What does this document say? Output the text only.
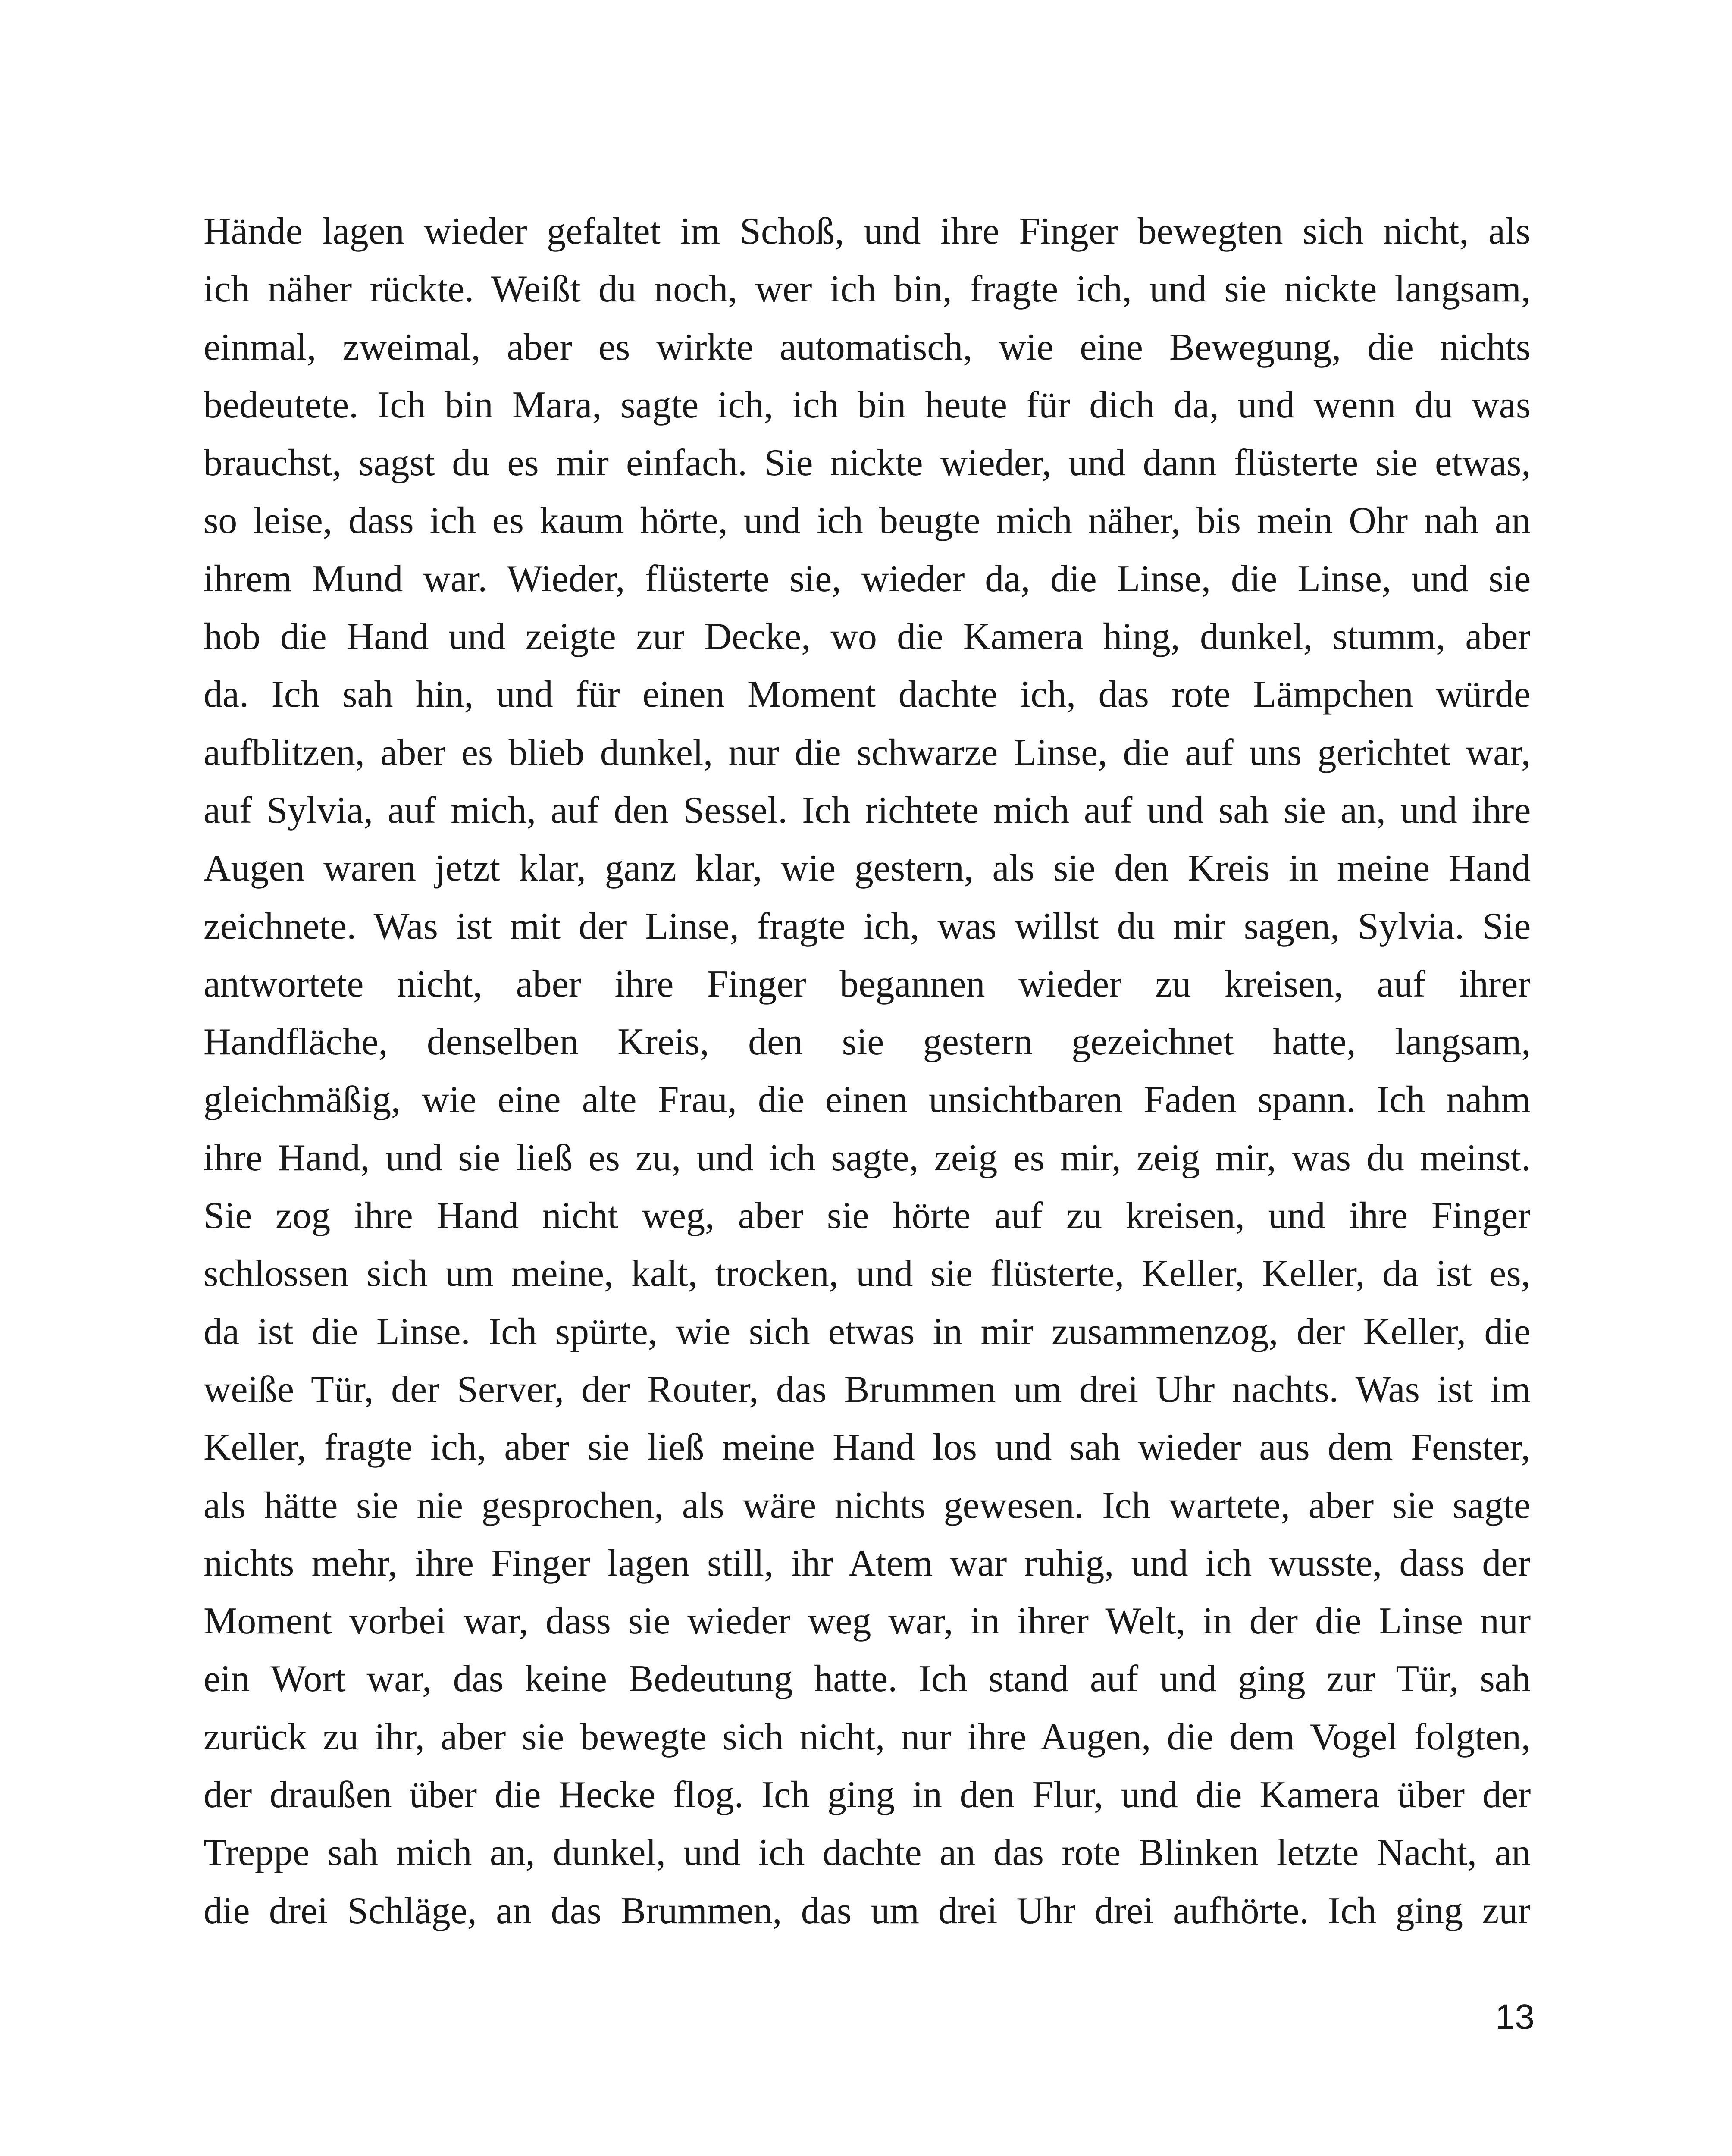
Hände lagen wieder gefaltet im Schoß, und ihre Finger bewegten sich nicht, als
ich näher rückte. Weißt du noch, wer ich bin, fragte ich, und sie nickte langsam,
einmal, zweimal, aber es wirkte automatisch, wie eine Bewegung, die nichts
bedeutete. Ich bin Mara, sagte ich, ich bin heute für dich da, und wenn du was
brauchst, sagst du es mir einfach. Sie nickte wieder, und dann flüsterte sie etwas,
so leise, dass ich es kaum hörte, und ich beugte mich näher, bis mein Ohr nah an
ihrem Mund war. Wieder, flüsterte sie, wieder da, die Linse, die Linse, und sie
hob die Hand und zeigte zur Decke, wo die Kamera hing, dunkel, stumm, aber
da. Ich sah hin, und für einen Moment dachte ich, das rote Lämpchen würde
aufblitzen, aber es blieb dunkel, nur die schwarze Linse, die auf uns gerichtet war,
auf Sylvia, auf mich, auf den Sessel. Ich richtete mich auf und sah sie an, und ihre
Augen waren jetzt klar, ganz klar, wie gestern, als sie den Kreis in meine Hand
zeichnete. Was ist mit der Linse, fragte ich, was willst du mir sagen, Sylvia. Sie
antwortete nicht, aber ihre Finger begannen wieder zu kreisen, auf ihrer
Handfläche, denselben Kreis, den sie gestern gezeichnet hatte, langsam,
gleichmäßig, wie eine alte Frau, die einen unsichtbaren Faden spann. Ich nahm
ihre Hand, und sie ließ es zu, und ich sagte, zeig es mir, zeig mir, was du meinst.
Sie zog ihre Hand nicht weg, aber sie hörte auf zu kreisen, und ihre Finger
schlossen sich um meine, kalt, trocken, und sie flüsterte, Keller, Keller, da ist es,
da ist die Linse. Ich spürte, wie sich etwas in mir zusammenzog, der Keller, die
weiße Tür, der Server, der Router, das Brummen um drei Uhr nachts. Was ist im
Keller, fragte ich, aber sie ließ meine Hand los und sah wieder aus dem Fenster,
als hätte sie nie gesprochen, als wäre nichts gewesen. Ich wartete, aber sie sagte
nichts mehr, ihre Finger lagen still, ihr Atem war ruhig, und ich wusste, dass der
Moment vorbei war, dass sie wieder weg war, in ihrer Welt, in der die Linse nur
ein Wort war, das keine Bedeutung hatte. Ich stand auf und ging zur Tür, sah
zurück zu ihr, aber sie bewegte sich nicht, nur ihre Augen, die dem Vogel folgten,
der draußen über die Hecke flog. Ich ging in den Flur, und die Kamera über der
Treppe sah mich an, dunkel, und ich dachte an das rote Blinken letzte Nacht, an
die drei Schläge, an das Brummen, das um drei Uhr drei aufhörte. Ich ging zur
13
